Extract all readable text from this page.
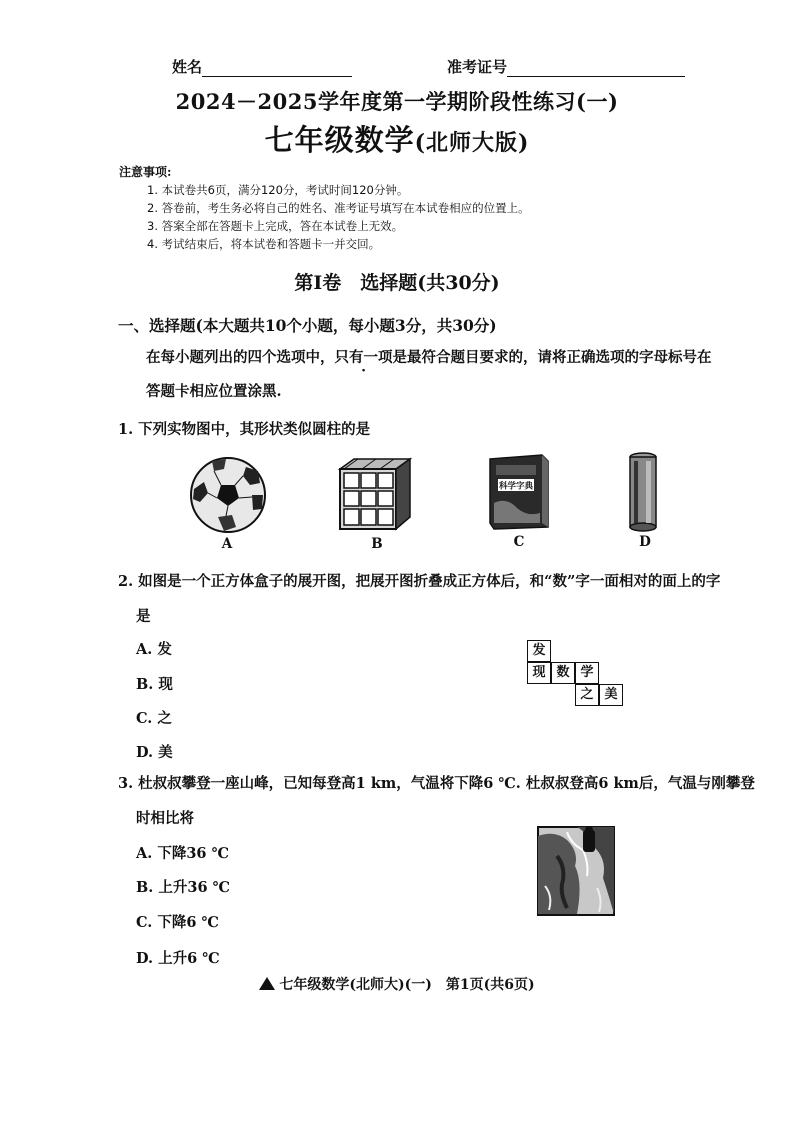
姓名	准考证号
2024－2025学年度第一学期阶段性练习(一)
七年级数学(北师大版)
注意事项:
1. 本试卷共6页，满分120分，考试时间120分钟。
2. 答卷前，考生务必将自己的姓名、准考证号填写在本试卷相应的位置上。
3. 答案全部在答题卡上完成，答在本试卷上无效。
4. 考试结束后，将本试卷和答题卡一并交回。
第Ⅰ卷　选择题(共30分)
一、选择题(本大题共10个小题，每小题3分，共30分)
在每小题列出的四个选项中，只有一项是最符合题目要求的，请将正确选项的字母标号在
答题卡相应位置涂黑.
1. 下列实物图中，其形状类似圆柱的是
科学字典
A	B	C	D
2. 如图是一个正方体盒子的展开图，把展开图折叠成正方体后，和“数”字一面相对的面上的字
是
A. 发
B. 现
C. 之
D. 美
发
现 数 学
之 美
3. 杜叔叔攀登一座山峰，已知每登高1 km，气温将下降6 ℃. 杜叔叔登高6 km后，气温与刚攀登
时相比将
A. 下降36 ℃
B. 上升36 ℃
C. 下降6 ℃
D. 上升6 ℃
七年级数学(北师大)(一)　第1页(共6页)
